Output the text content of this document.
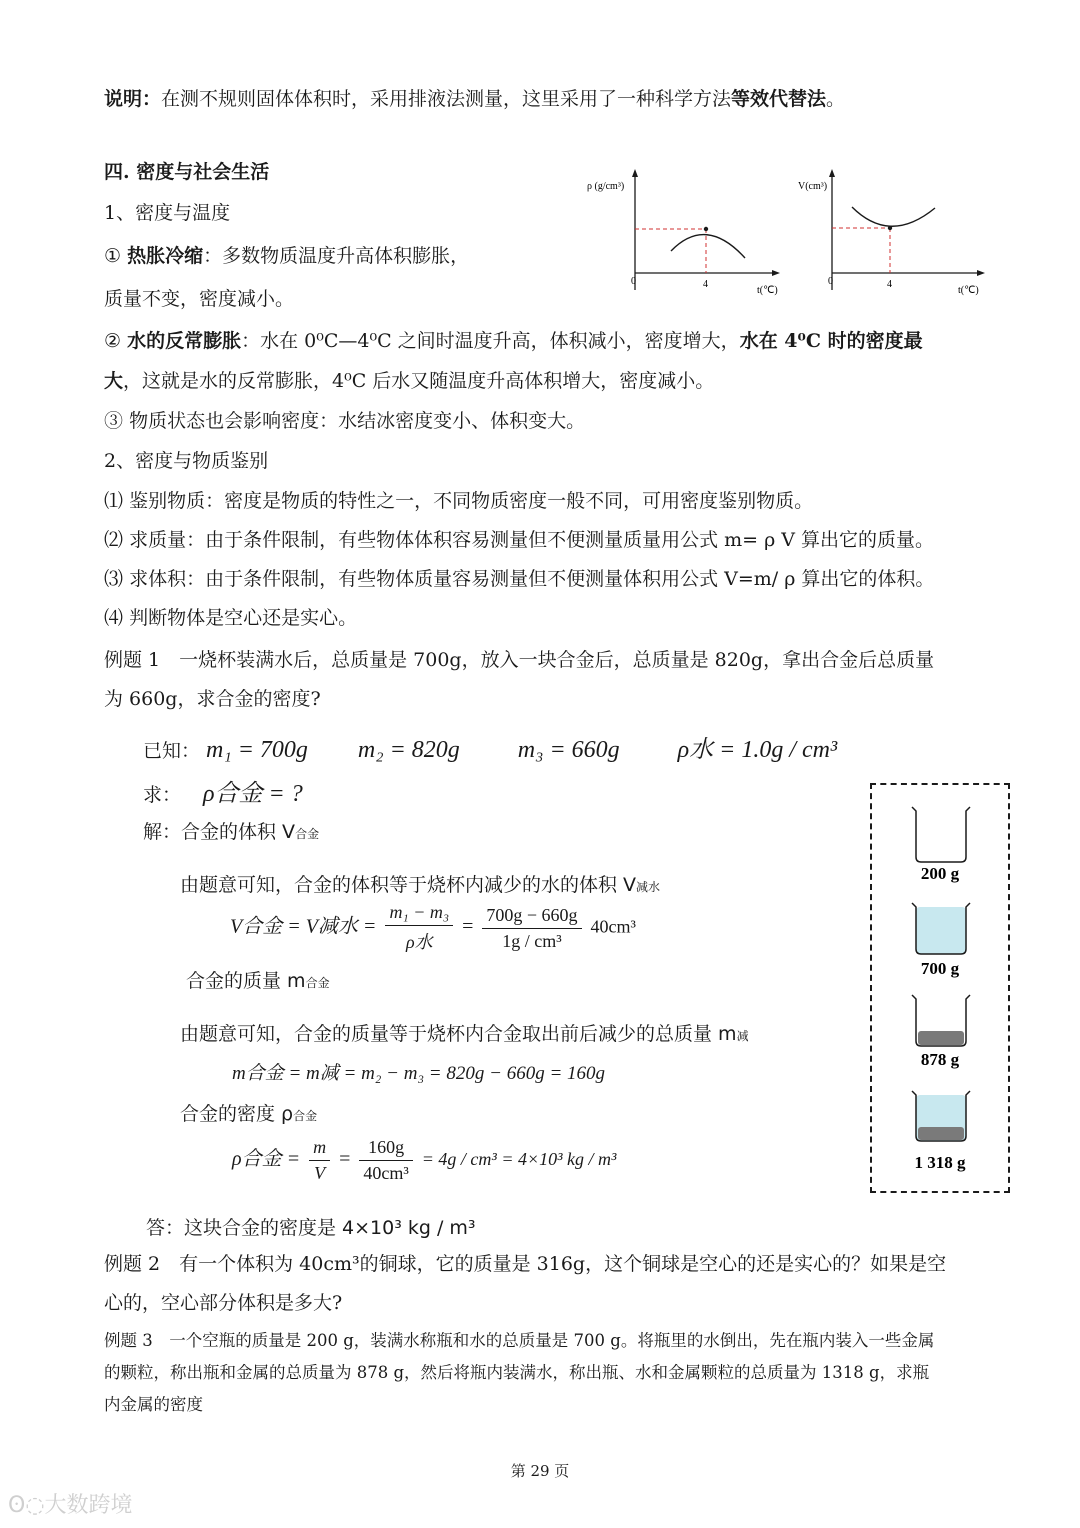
说明：在测不规则固体体积时，采用排液法测量，这里采用了一种科学方法等效代替法。
四. 密度与社会生活
1、密度与温度
① 热胀冷缩：多数物质温度升高体积膨胀，
质量不变，密度减小。
② 水的反常膨胀：水在 0⁰C—4⁰C 之间时温度升高，体积减小，密度增大，水在 4⁰C 时的密度最
大，这就是水的反常膨胀，4⁰C 后水又随温度升高体积增大，密度减小。
③ 物质状态也会影响密度：水结冰密度变小、体积变大。
2、密度与物质鉴别
⑴ 鉴别物质：密度是物质的特性之一，不同物质密度一般不同，可用密度鉴别物质。
⑵ 求质量：由于条件限制，有些物体体积容易测量但不便测量质量用公式 m= ρ V 算出它的质量。
⑶ 求体积：由于条件限制，有些物体质量容易测量但不便测量体积用公式 V=m/ ρ 算出它的体积。
⑷ 判断物体是空心还是实心。
ρ (g/cm³)
0	4
t(℃)
V(cm³)
0	4
t(℃)
例题 1　一烧杯装满水后，总质量是 700g，放入一块合金后，总质量是 820g，拿出合金后总质量
为 660g，求合金的密度?
已知： m₁ = 700g m₂ = 820g m₃ = 660g ρ水 = 1.0g / cm³
求： ρ合金 = ?
解：合金的体积 V合金
由题意可知，合金的体积等于烧杯内减少的水的体积 V减水
V合金 = V减水 = $\frac{\text{m₁ − m₃}}{\text{ρ水}} = \frac{700g - 660g}{\text{1g / cm³}} 40cm^3$
合金的质量 m合金
由题意可知，合金的质量等于烧杯内合金取出前后减少的总质量 m减
m合金 = m减 = m₂ − m₃ = 820g − 660g = 160g
合金的密度 ρ合金
ρ合金 = $\frac{m}{V} = \frac{160g}{\text{40cm³}} = 4g / cm^3 = 4\times 10^3$ kg / m³
答：这块合金的密度是 4×10³ kg / m³
200 g
700 g
878 g
1 318 g
例题 2　有一个体积为 40cm³的铜球，它的质量是 316g，这个铜球是空心的还是实心的？如果是空
心的，空心部分体积是多大?
例题 3　一个空瓶的质量是 200 g，装满水称瓶和水的总质量是 700 g。将瓶里的水倒出，先在瓶内装入一些金属
的颗粒，称出瓶和金属的总质量为 878 g，然后将瓶内装满水，称出瓶、水和金属颗粒的总质量为 1318 g，求瓶
内金属的密度
第 29 页
ʘ◌大数跨境
